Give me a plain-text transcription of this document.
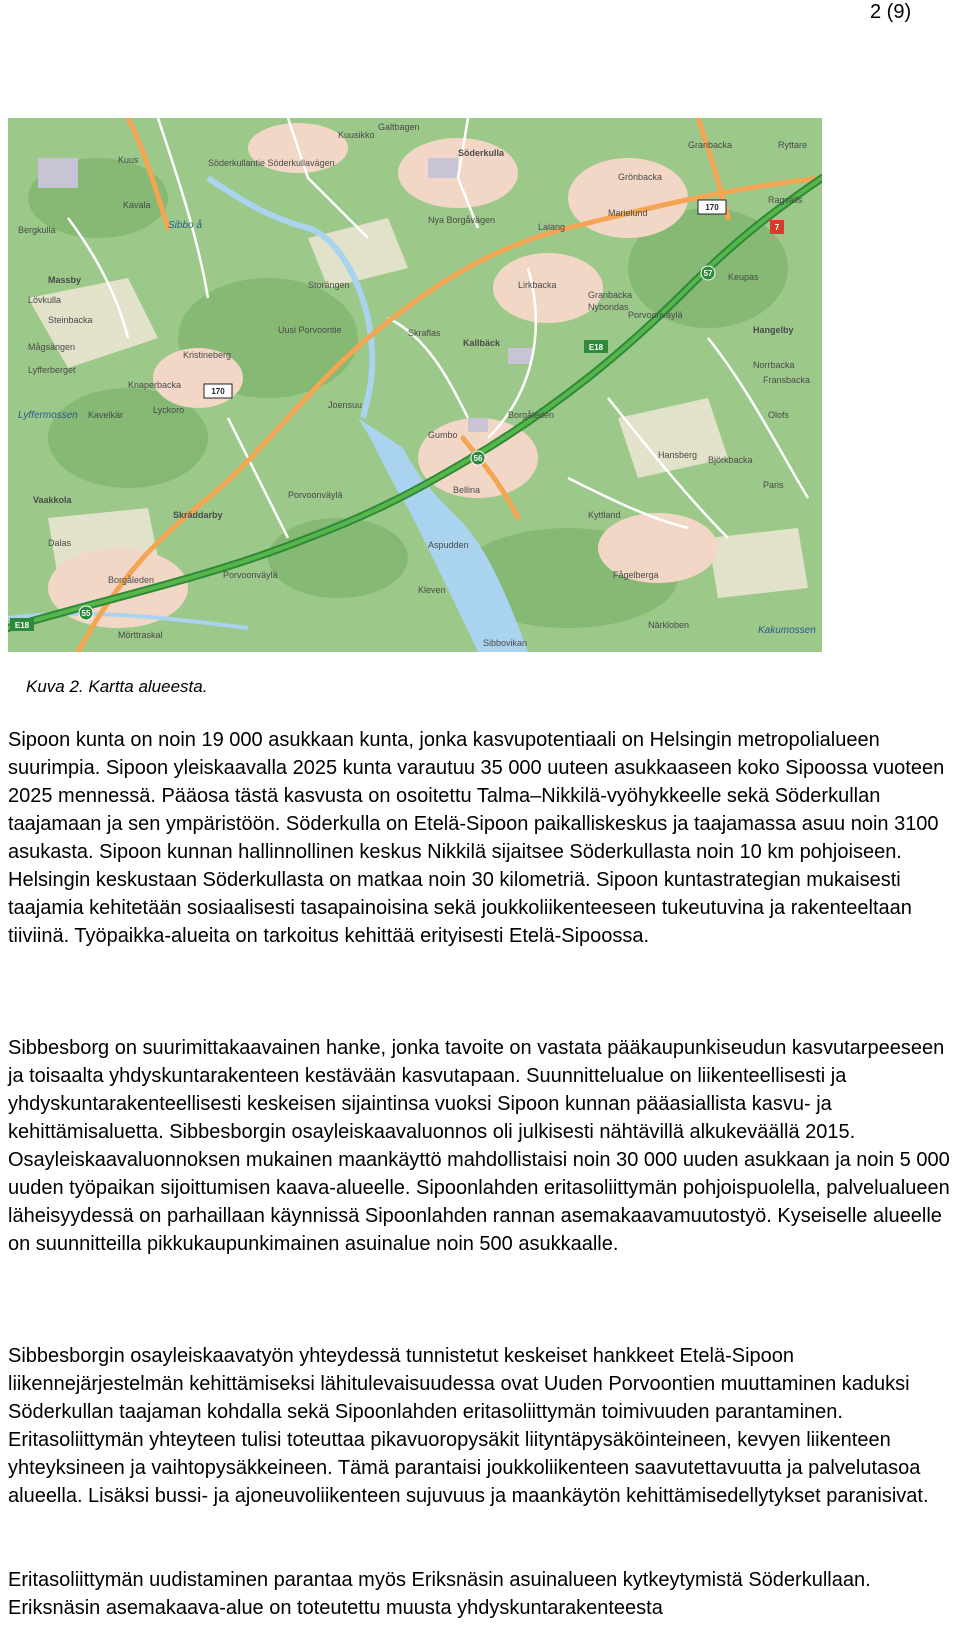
2 (9)
170
170
7
57
56
55
E18
E18
Galtbagen
Kuusikko
Söderkullantie Söderkullavägen
Söderkulla
Granbacka
Bergkulla	Sibbo å
Kuus
Kavala
Marielund
Ragvalls
Massby
Lövkulla
Storängen
Lalang
Nya Borgåvägen
Uusi Porvoontie
Keupas
Lirkbacka
Granbacka
Nybondas
Steinbacka
Mågsängen	Kallbäck
Skraflas	Hangelby
Kristineberg
Knaperbacka
Lyfferberget
Lyckoro
Kavelkär
Lyffermossen
Joensuu
Borgåleden
Hansberg Björkbacka
Vaakkola
Skräddarby
Porvoonväylä
Aspudden
Dalas
Kleven
Borgåleden	Porvoonväylä
Porvoonväylä
Kyttland
Fågelberga
Paris
Mörttraskal
Sibbovikan
Närkloben	Kakumossen
Olofs
Fransbacka
Norrbacka
Ryttare
Grönbacka
Gumbo
Bellina
Kuva 2. Kartta alueesta.

Sipoon kunta on noin 19 000 asukkaan kunta, jonka kasvupotentiaali on Helsingin metropolialueen suurimpia. Sipoon yleiskaavalla 2025 kunta varautuu 35 000 uuteen asukkaaseen koko Sipoossa vuoteen 2025 mennessä. Pääosa tästä kasvusta on osoitettu Talma–Nikkilä-vyöhykkeelle sekä Söderkullan taajamaan ja sen ympäristöön. Söderkulla on Etelä-Sipoon paikalliskeskus ja taajamassa asuu noin 3100 asukasta. Sipoon kunnan hallinnollinen keskus Nikkilä sijaitsee Söderkullasta noin 10 km pohjoiseen. Helsingin keskustaan Söderkullasta on matkaa noin 30 kilometriä. Sipoon kuntastrategian mukaisesti taajamia kehitetään sosiaalisesti tasapainoisina sekä joukkoliikenteeseen tukeutuvina ja rakenteeltaan tiiviinä. Työpaikka-alueita on tarkoitus kehittää erityisesti Etelä-Sipoossa.

Sibbesborg on suurimittakaavainen hanke, jonka tavoite on vastata pääkaupunkiseudun kasvutarpeeseen ja toisaalta yhdyskuntarakenteen kestävään kasvutapaan. Suunnittelualue on liikenteellisesti ja yhdyskuntarakenteellisesti keskeisen sijaintinsa vuoksi Sipoon kunnan pääasiallista kasvu- ja kehittämisaluetta. Sibbesborgin osayleiskaavaluonnos oli julkisesti nähtävillä alkukeväällä 2015. Osayleiskaavaluonnoksen mukainen maankäyttö mahdollistaisi noin 30 000 uuden asukkaan ja noin 5 000 uuden työpaikan sijoittumisen kaava-alueelle. Sipoonlahden eritasoliittymän pohjoispuolella, palvelualueen läheisyydessä on parhaillaan käynnissä Sipoonlahden rannan asemakaavamuutostyö. Kyseiselle alueelle on suunnitteilla pikkukaupunkimainen asuinalue noin 500 asukkaalle.

Sibbesborgin osayleiskaavatyön yhteydessä tunnistetut keskeiset hankkeet Etelä-Sipoon liikennejärjestelmän kehittämiseksi lähitulevaisuudessa ovat Uuden Porvoontien muuttaminen kaduksi Söderkullan taajaman kohdalla sekä Sipoonlahden eritasoliittymän toimivuuden parantaminen. Eritasoliittymän yhteyteen tulisi toteuttaa pikavuoropysäkit liityntäpysäköinteineen, kevyen liikenteen yhteyksineen ja vaihtopysäkkeineen. Tämä parantaisi joukkoliikenteen saavutettavuutta ja palvelutasoa alueella. Lisäksi bussi- ja ajoneuvoliikenteen sujuvuus ja maankäytön kehittämisedellytykset paranisivat.

Eritasoliittymän uudistaminen parantaa myös Eriksnäsin asuinalueen kytkeytymistä Söderkullaan. Eriksnäsin asemakaava-alue on toteutettu muusta yhdyskuntarakenteesta
